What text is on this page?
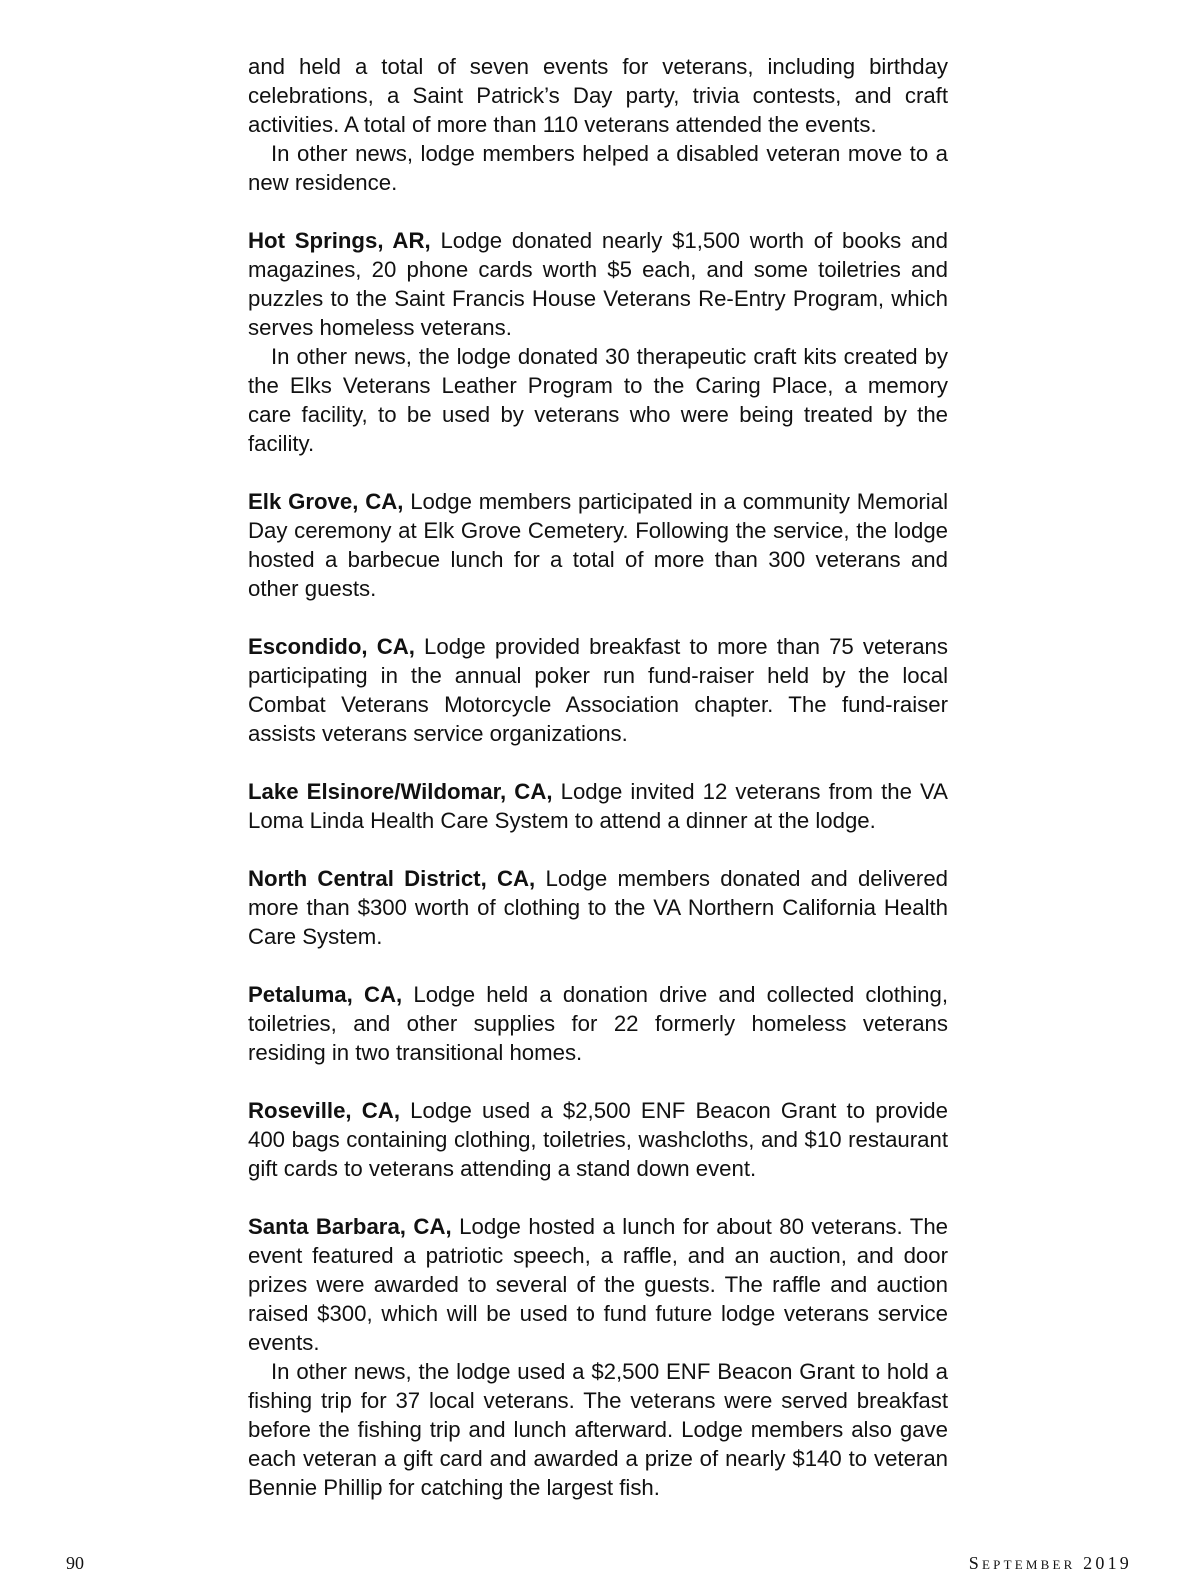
and held a total of seven events for veterans, including birthday celebrations, a Saint Patrick’s Day party, trivia contests, and craft activities. A total of more than 110 veterans attended the events.

In other news, lodge members helped a disabled veteran move to a new residence.

Hot Springs, AR, Lodge donated nearly $1,500 worth of books and magazines, 20 phone cards worth $5 each, and some toiletries and puzzles to the Saint Francis House Veterans Re-Entry Program, which serves homeless veterans.

In other news, the lodge donated 30 therapeutic craft kits created by the Elks Veterans Leather Program to the Caring Place, a memory care facility, to be used by veterans who were being treated by the facility.

Elk Grove, CA, Lodge members participated in a community Memorial Day ceremony at Elk Grove Cemetery. Following the service, the lodge hosted a barbecue lunch for a total of more than 300 veterans and other guests.

Escondido, CA, Lodge provided breakfast to more than 75 veterans participating in the annual poker run fund-raiser held by the local Combat Veterans Motorcycle Association chapter. The fund-raiser assists veterans service organizations.

Lake Elsinore/Wildomar, CA, Lodge invited 12 veterans from the VA Loma Linda Health Care System to attend a dinner at the lodge.

North Central District, CA, Lodge members donated and delivered more than $300 worth of clothing to the VA Northern California Health Care System.

Petaluma, CA, Lodge held a donation drive and collected clothing, toiletries, and other supplies for 22 formerly homeless veterans residing in two transitional homes.

Roseville, CA, Lodge used a $2,500 ENF Beacon Grant to provide 400 bags containing clothing, toiletries, washcloths, and $10 restaurant gift cards to veterans attending a stand down event.

Santa Barbara, CA, Lodge hosted a lunch for about 80 veterans. The event featured a patriotic speech, a raffle, and an auction, and door prizes were awarded to several of the guests. The raffle and auction raised $300, which will be used to fund future lodge veterans service events.

In other news, the lodge used a $2,500 ENF Beacon Grant to hold a fishing trip for 37 local veterans. The veterans were served breakfast before the fishing trip and lunch afterward. Lodge members also gave each veteran a gift card and awarded a prize of nearly $140 to veteran Bennie Phillip for catching the largest fish.

90	September 2019
